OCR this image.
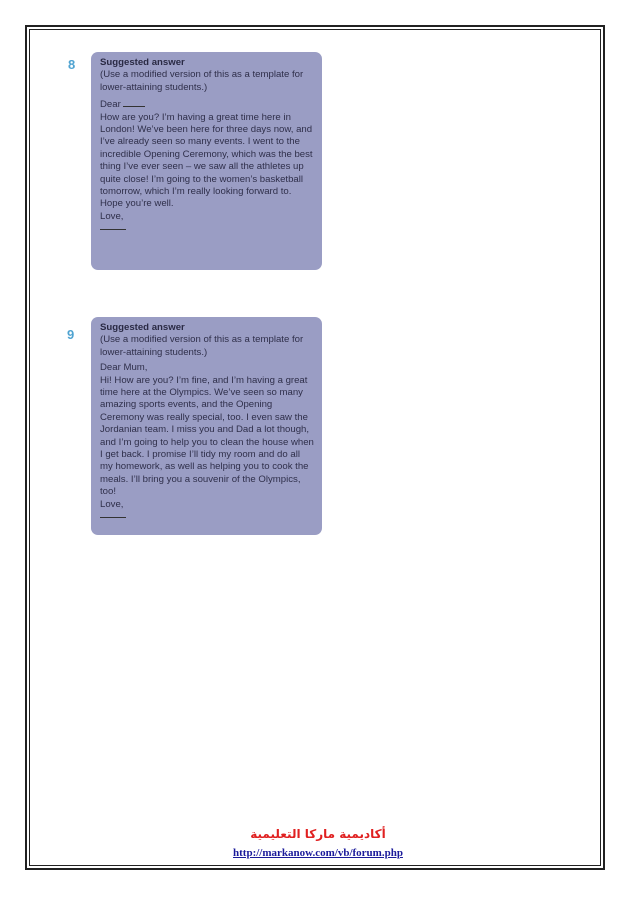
8	Suggested answer
(Use a modified version of this as a template for lower-attaining students.)

Dear

How are you? I’m having a great time here in London! We’ve been here for three days now, and I’ve already seen so many events. I went to the incredible Opening Ceremony, which was the best thing I’ve ever seen – we saw all the athletes up quite close! I’m going to the women’s basketball tomorrow, which I’m really looking forward to.

Hope you’re well.

Love,

9	Suggested answer
(Use a modified version of this as a template for lower-attaining students.)

Dear Mum,

Hi! How are you? I’m fine, and I’m having a great time here at the Olympics. We’ve seen so many amazing sports events, and the Opening Ceremony was really special, too. I even saw the Jordanian team. I miss you and Dad a lot though, and I’m going to help you to clean the house when I get back. I promise I’ll tidy my room and do all my homework, as well as helping you to cook the meals. I’ll bring you a souvenir of the Olympics, too!

Love,

أكاديمية ماركا التعليمية
http://markanow.com/vb/forum.php
